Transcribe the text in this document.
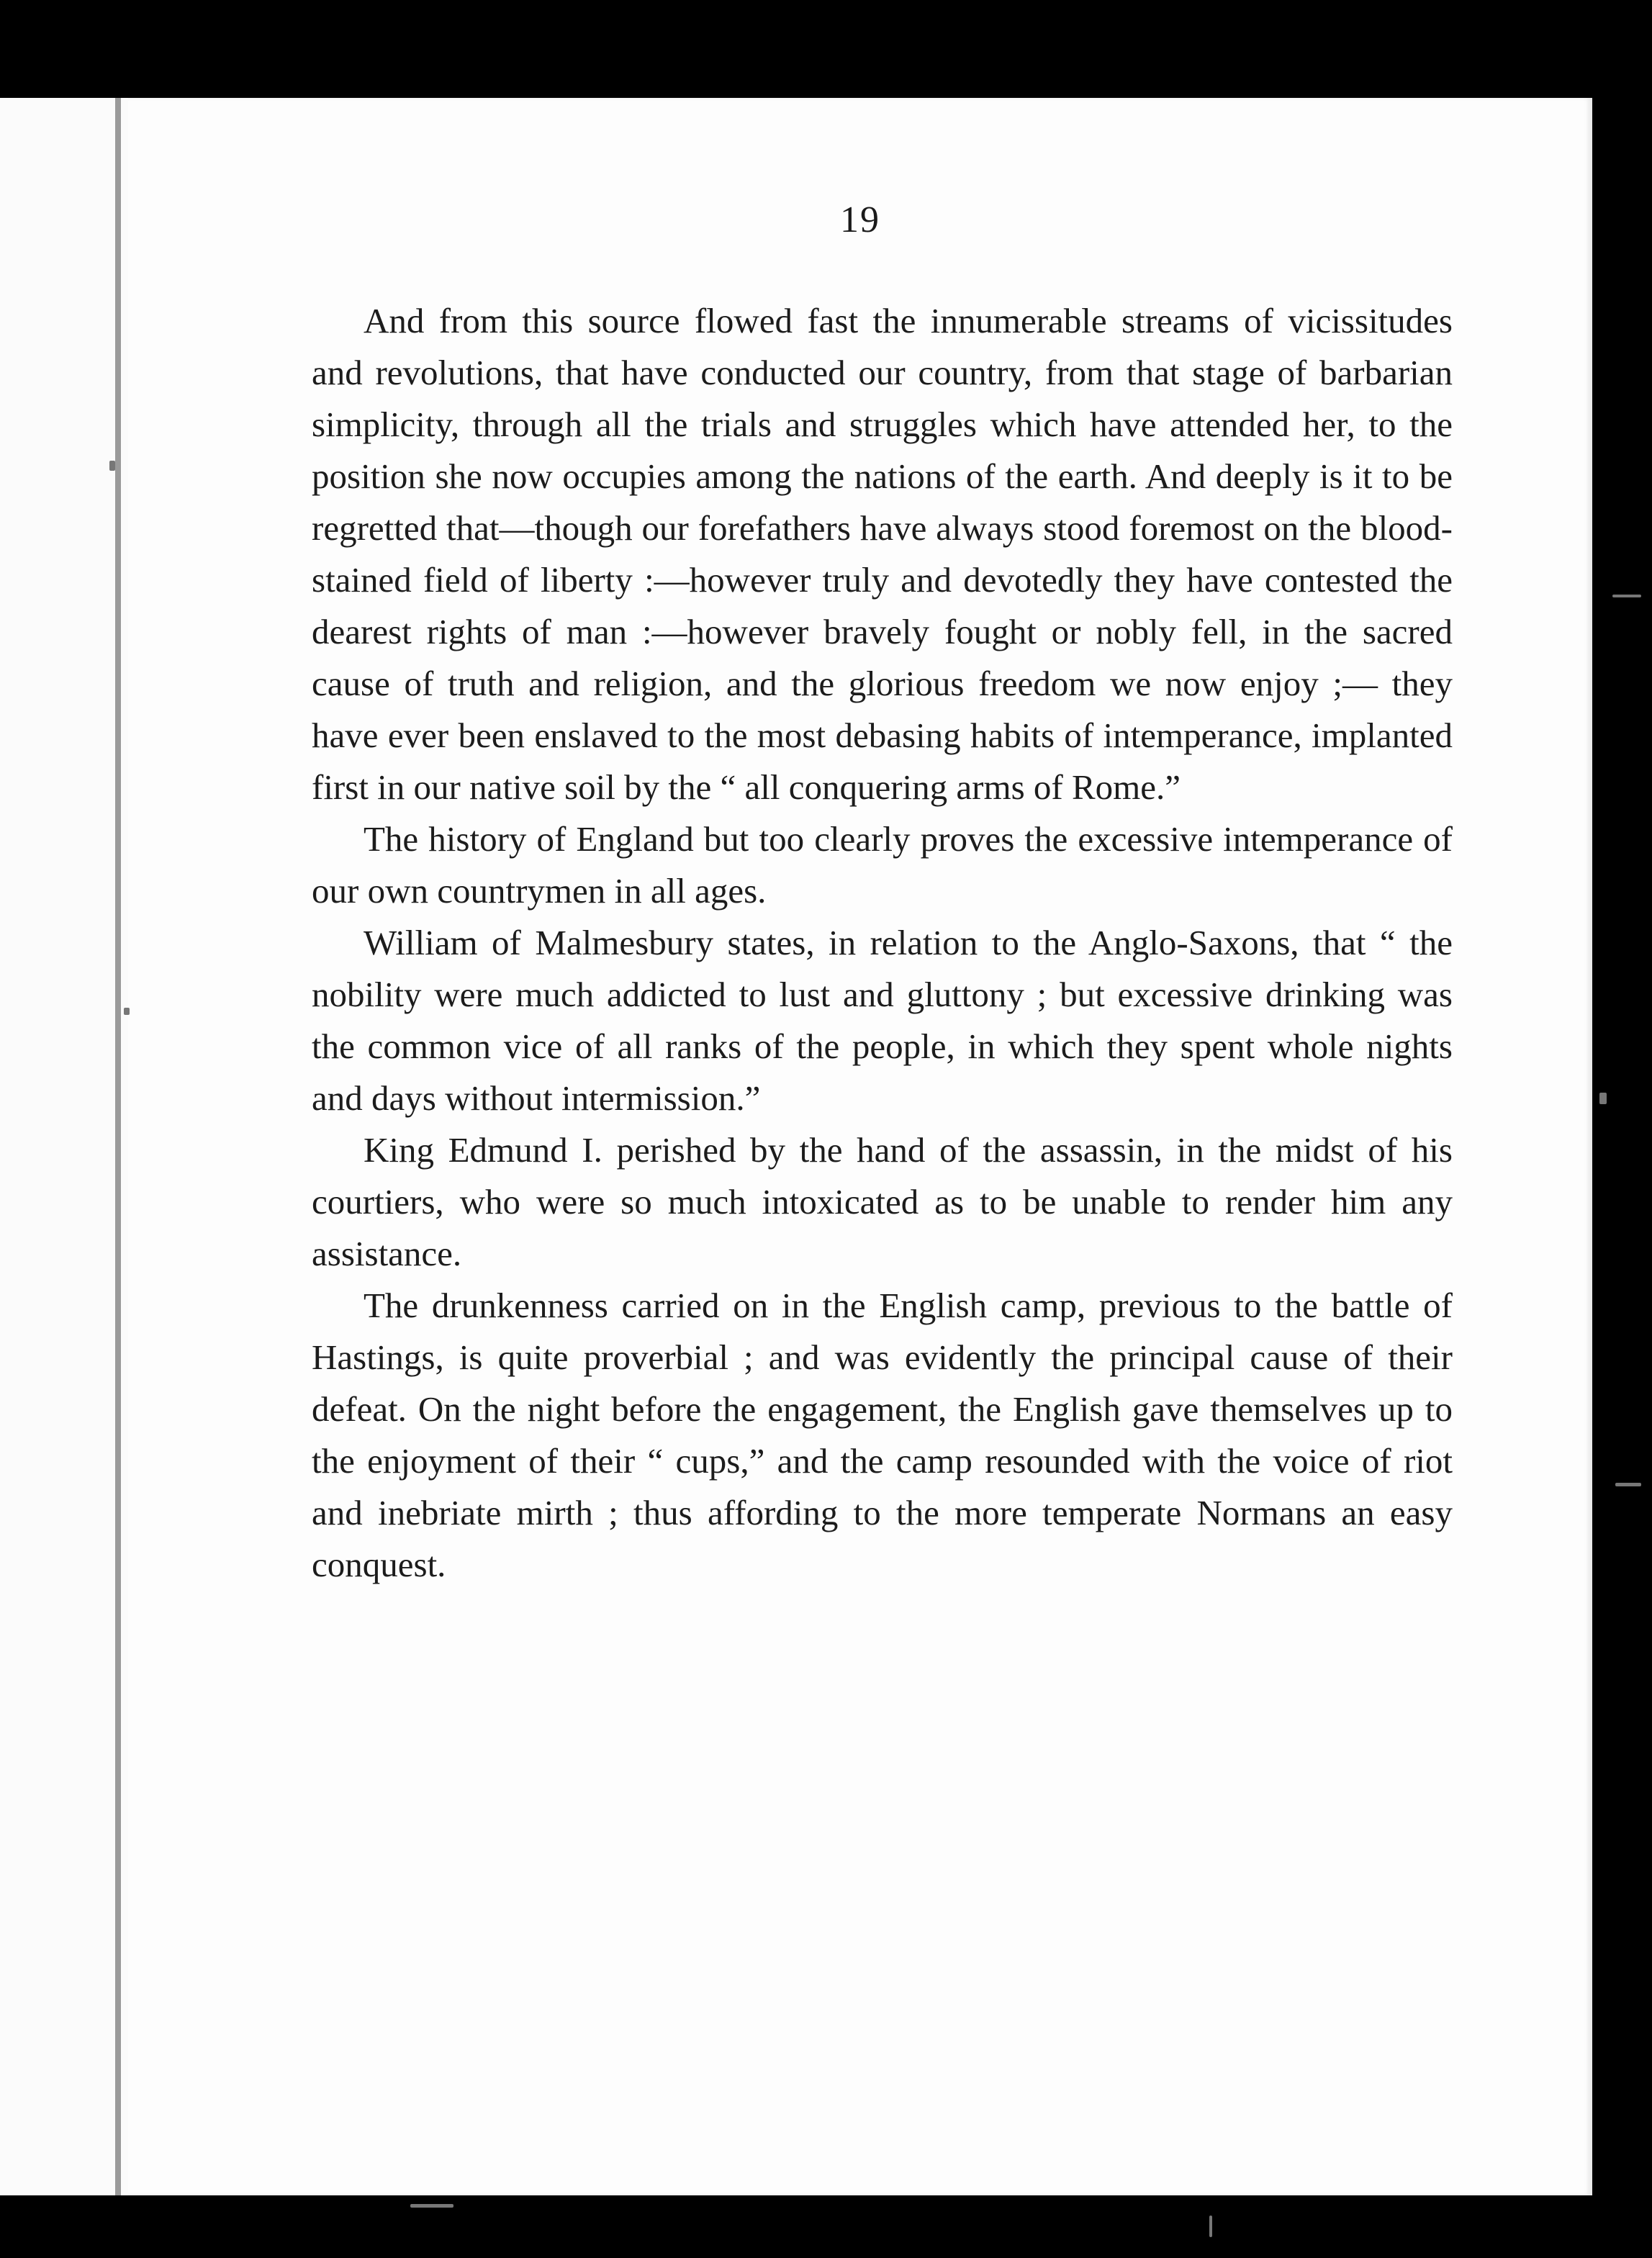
19

And from this source flowed fast the innumerable streams of vicissitudes and revolutions, that have conducted our country, from that stage of barbarian simplicity, through all the trials and struggles which have attended her, to the position she now occupies among the nations of the earth. And deeply is it to be regretted that—though our forefathers have always stood foremost on the blood-stained field of liberty :—however truly and devotedly they have contested the dearest rights of man :—however bravely fought or nobly fell, in the sacred cause of truth and religion, and the glorious freedom we now enjoy ;— they have ever been enslaved to the most debasing habits of intemperance, implanted first in our native soil by the “ all conquering arms of Rome.”

The history of England but too clearly proves the excessive intemperance of our own countrymen in all ages.

William of Malmesbury states, in relation to the Anglo-Saxons, that “ the nobility were much addicted to lust and gluttony ; but excessive drinking was the common vice of all ranks of the people, in which they spent whole nights and days without intermission.”

King Edmund I. perished by the hand of the assassin, in the midst of his courtiers, who were so much intoxicated as to be unable to render him any assistance.

The drunkenness carried on in the English camp, previous to the battle of Hastings, is quite proverbial ; and was evidently the principal cause of their defeat. On the night before the engagement, the English gave themselves up to the enjoyment of their “ cups,” and the camp resounded with the voice of riot and inebriate mirth ; thus affording to the more temperate Normans an easy conquest.
